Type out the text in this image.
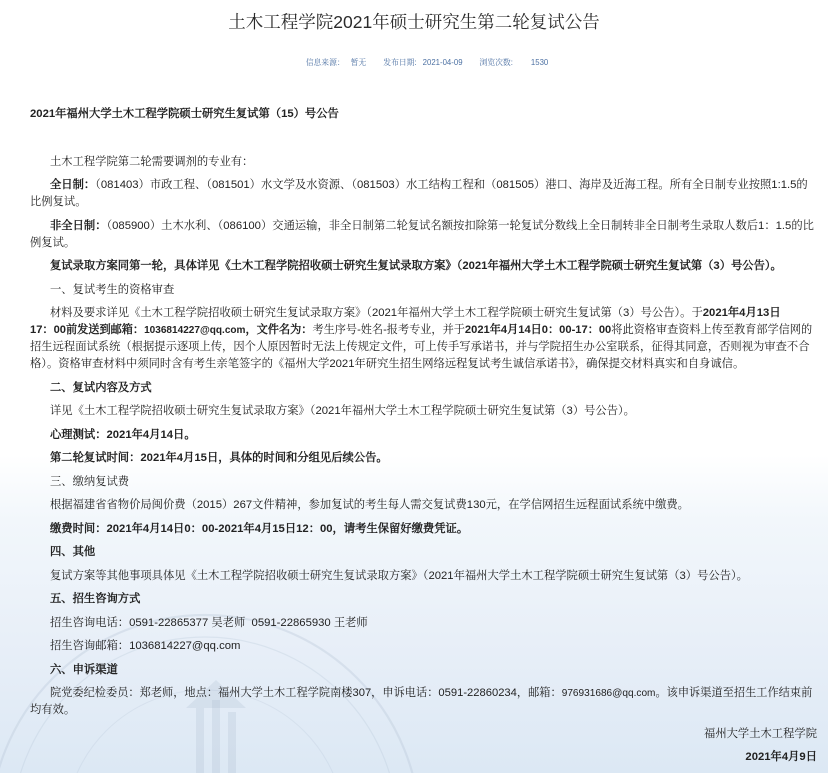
土木工程学院2021年硕士研究生第二轮复试公告
信息来源： 暂无 发布日期: 2021-04-09 浏览次数: 1530
2021年福州大学土木工程学院硕士研究生复试第（15）号公告
土木工程学院第二轮需要调剂的专业有：
全日制：（081403）市政工程、（081501）水文学及水资源、（081503）水工结构工程和（081505）港口、海岸及近海工程。所有全日制专业按照1:1.5的
比例复试。
非全日制：（085900）土木水利、（086100）交通运输，非全日制第二轮复试名额按扣除第一轮复试分数线上全日制转非全日制考生录取人数后1：1.5的比
例复试。
复试录取方案同第一轮，具体详见《土木工程学院招收硕士研究生复试录取方案》（2021年福州大学土木工程学院硕士研究生复试第（3）号公告）。
一、复试考生的资格审查
材料及要求详见《土木工程学院招收硕士研究生复试录取方案》（2021年福州大学土木工程学院硕士研究生复试第（3）号公告）。于2021年4月13日
17：00前发送到邮箱：1036814227@qq.com，文件名为：考生序号-姓名-报考专业，并于2021年4月14日0：00-17：00将此资格审查资料上传至教育部学信网的
招生远程面试系统（根据提示逐项上传，因个人原因暂时无法上传规定文件，可上传手写承诺书，并与学院招生办公室联系，征得其同意，否则视为审查不合
格）。资格审查材料中须同时含有考生亲笔签字的《福州大学2021年研究生招生网络远程复试考生诚信承诺书》，确保提交材料真实和自身诚信。
二、复试内容及方式
详见《土木工程学院招收硕士研究生复试录取方案》（2021年福州大学土木工程学院硕士研究生复试第（3）号公告）。
心理测试：2021年4月14日。
第二轮复试时间：2021年4月15日，具体的时间和分组见后续公告。
三、缴纳复试费
根据福建省省物价局闽价费（2015）267文件精神，参加复试的考生每人需交复试费130元，在学信网招生远程面试系统中缴费。
缴费时间：2021年4月14日0：00-2021年4月15日12：00，请考生保留好缴费凭证。
四、其他
复试方案等其他事项具体见《土木工程学院招收硕士研究生复试录取方案》（2021年福州大学土木工程学院硕士研究生复试第（3）号公告）。
五、招生咨询方式
招生咨询电话：0591-22865377 吴老师  0591-22865930 王老师
招生咨询邮箱：1036814227@qq.com
六、申诉渠道
院党委纪检委员：郑老师，地点：福州大学土木工程学院南楼307，申诉电话：0591-22860234，邮箱：976931686@qq.com。该申诉渠道至招生工作结束前
均有效。
福州大学土木工程学院
2021年4月9日
